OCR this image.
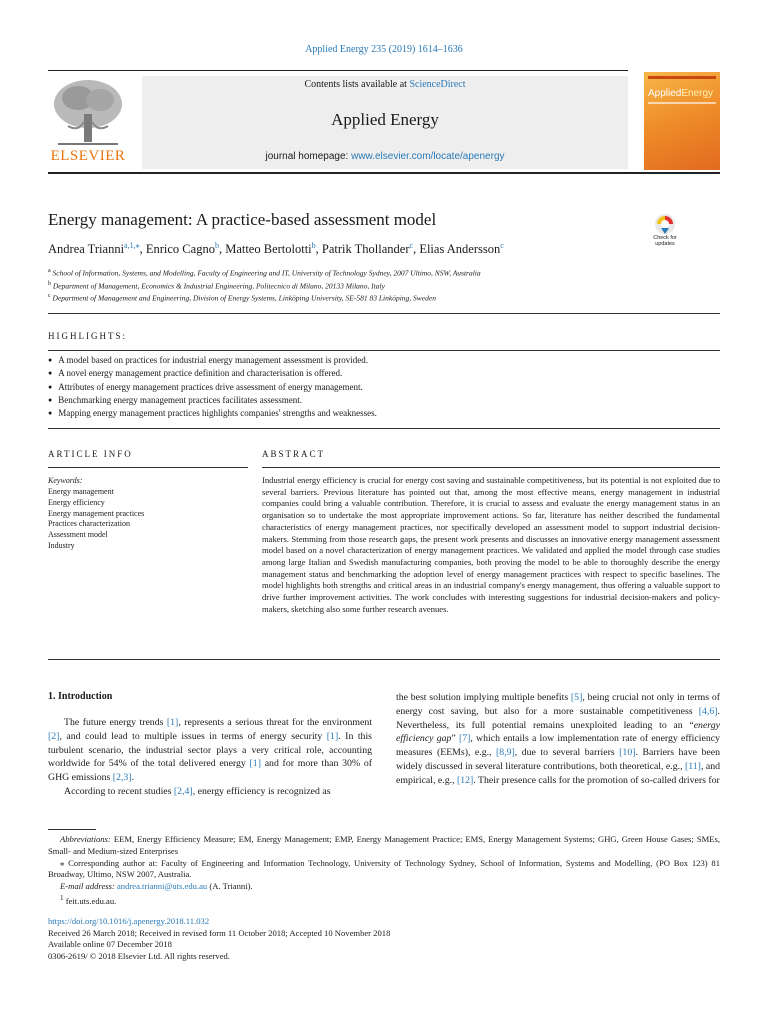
Applied Energy 235 (2019) 1614–1636
ELSEVIER
Contents lists available at ScienceDirect
Applied Energy
journal homepage: www.elsevier.com/locate/apenergy
AppliedEnergy
Energy management: A practice-based assessment model
Andrea Trianni$^{a,1,⁎}$, Enrico Cagno$^b$, Matteo Bertolotti$^b$, Patrik Thollander$^c$, Elias Andersson$^c$
Check for
updates
$^a$ School of Information, Systems, and Modelling, Faculty of Engineering and IT, University of Technology Sydney, 2007 Ultimo, NSW, Australia
$^b$ Department of Management, Economics & Industrial Engineering, Politecnico di Milano, 20133 Milano, Italy
$^c$ Department of Management and Engineering, Division of Energy Systems, Linköping University, SE-581 83 Linköping, Sweden
HIGHLIGHTS:
● A model based on practices for industrial energy management assessment is provided.
● A novel energy management practice definition and characterisation is offered.
● Attributes of energy management practices drive assessment of energy management.
● Benchmarking energy management practices facilitates assessment.
● Mapping energy management practices highlights companies' strengths and weaknesses.
ARTICLE INFO
Keywords:
Energy management
Energy efficiency
Energy management practices
Practices characterization
Assessment model
Industry
ABSTRACT
Industrial energy efficiency is crucial for energy cost saving and sustainable competitiveness, but its potential is not exploited due to several barriers. Previous literature has pointed out that, among the most effective means, energy management in industrial companies could bring a valuable contribution. Therefore, it is crucial to assess and evaluate the energy management status in an organisation so to undertake the most appropriate improvement actions. So far, literature has neither described the fundamental characteristics of energy management practices, nor specifically developed an assessment model to support industrial decision-makers. Stemming from those research gaps, the present work presents and discusses an innovative energy management assessment model based on a novel characterization of energy management practices. We validated and applied the model through case studies among large Italian and Swedish manufacturing companies, both proving the model to be able to thoroughly describe the energy management status and benchmarking the adoption level of energy management practices with respect to specific baselines. The model highlights both strengths and critical areas in an industrial company's energy management, thus offering a valuable support to drive further improvement activities. The work concludes with interesting suggestions for industrial decision-makers and policy-makers, sketching also some further research avenues.
1. Introduction

The future energy trends [1], represents a serious threat for the environment [2], and could lead to multiple issues in terms of energy security [1]. In this turbulent scenario, the industrial sector plays a very critical role, accounting worldwide for 54% of the total delivered energy [1] and for more than 30% of GHG emissions [2,3].

According to recent studies [2,4], energy efficiency is recognized as

the best solution implying multiple benefits [5], being crucial not only in terms of energy cost saving, but also for a more sustainable competitiveness [4,6]. Nevertheless, its full potential remains unexploited leading to an “energy efficiency gap” [7], which entails a low implementation rate of energy efficiency measures (EEMs), e.g., [8,9], due to several barriers [10]. Barriers have been widely discussed in several literature contributions, both theoretical, e.g., [11], and empirical, e.g., [12]. Their presence calls for the promotion of so-called drivers for

Abbreviations: EEM, Energy Efficiency Measure; EM, Energy Management; EMP, Energy Management Practice; EMS, Energy Management Systems; GHG, Green House Gases; SMEs, Small- and Medium-sized Enterprises
⁎ Corresponding author at: Faculty of Engineering and Information Technology, University of Technology Sydney, School of Information, Systems and Modelling, (PO Box 123) 81 Broadway, Ultimo, NSW 2007, Australia.
E-mail address: andrea.trianni@uts.edu.au (A. Trianni).
$^1$ feit.uts.edu.au.
https://doi.org/10.1016/j.apenergy.2018.11.032
Received 26 March 2018; Received in revised form 11 October 2018; Accepted 10 November 2018
Available online 07 December 2018
0306-2619/ © 2018 Elsevier Ltd. All rights reserved.
